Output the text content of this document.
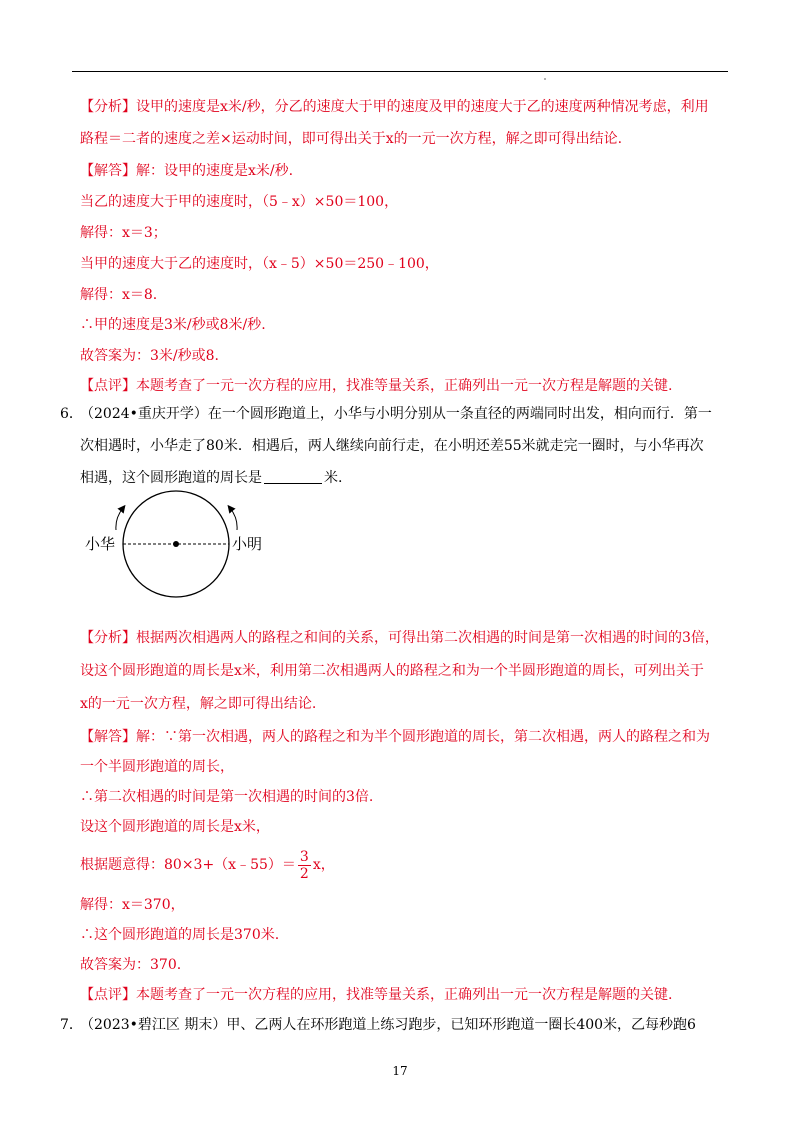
【分析】设甲的速度是x米/秒，分乙的速度大于甲的速度及甲的速度大于乙的速度两种情况考虑，利用
路程＝二者的速度之差×运动时间，即可得出关于x的一元一次方程，解之即可得出结论.
【解答】解：设甲的速度是x米/秒.
当乙的速度大于甲的速度时，（5﹣x）×50＝100，
解得：x＝3；
当甲的速度大于乙的速度时，（x﹣5）×50＝250﹣100，
解得：x＝8.
∴甲的速度是3米/秒或8米/秒.
故答案为：3米/秒或8.
【点评】本题考查了一元一次方程的应用，找准等量关系，正确列出一元一次方程是解题的关键.
6．
（2024•重庆开学）在一个圆形跑道上，小华与小明分别从一条直径的两端同时出发，相向而行．第一
次相遇时，小华走了80米．相遇后，两人继续向前行走，在小明还差55米就走完一圈时，与小华再次
相遇，这个圆形跑道的周长是	米.
小华	小明
【分析】根据两次相遇两人的路程之和间的关系，可得出第二次相遇的时间是第一次相遇的时间的3倍，
设这个圆形跑道的周长是x米，利用第二次相遇两人的路程之和为一个半圆形跑道的周长，可列出关于
x的一元一次方程，解之即可得出结论.
【解答】解：∵第一次相遇，两人的路程之和为半个圆形跑道的周长，第二次相遇，两人的路程之和为
一个半圆形跑道的周长，
∴第二次相遇的时间是第一次相遇的时间的3倍.
设这个圆形跑道的周长是x米，
根据题意得：80×3+（x﹣55）＝ $\frac{3}{2}$ x，
解得：x＝370，
∴这个圆形跑道的周长是370米.
故答案为：370.
【点评】本题考查了一元一次方程的应用，找准等量关系，正确列出一元一次方程是解题的关键.
7．
（2023•碧江区 期末）甲、乙两人在环形跑道上练习跑步，已知环形跑道一圈长400米，乙每秒跑6
17
